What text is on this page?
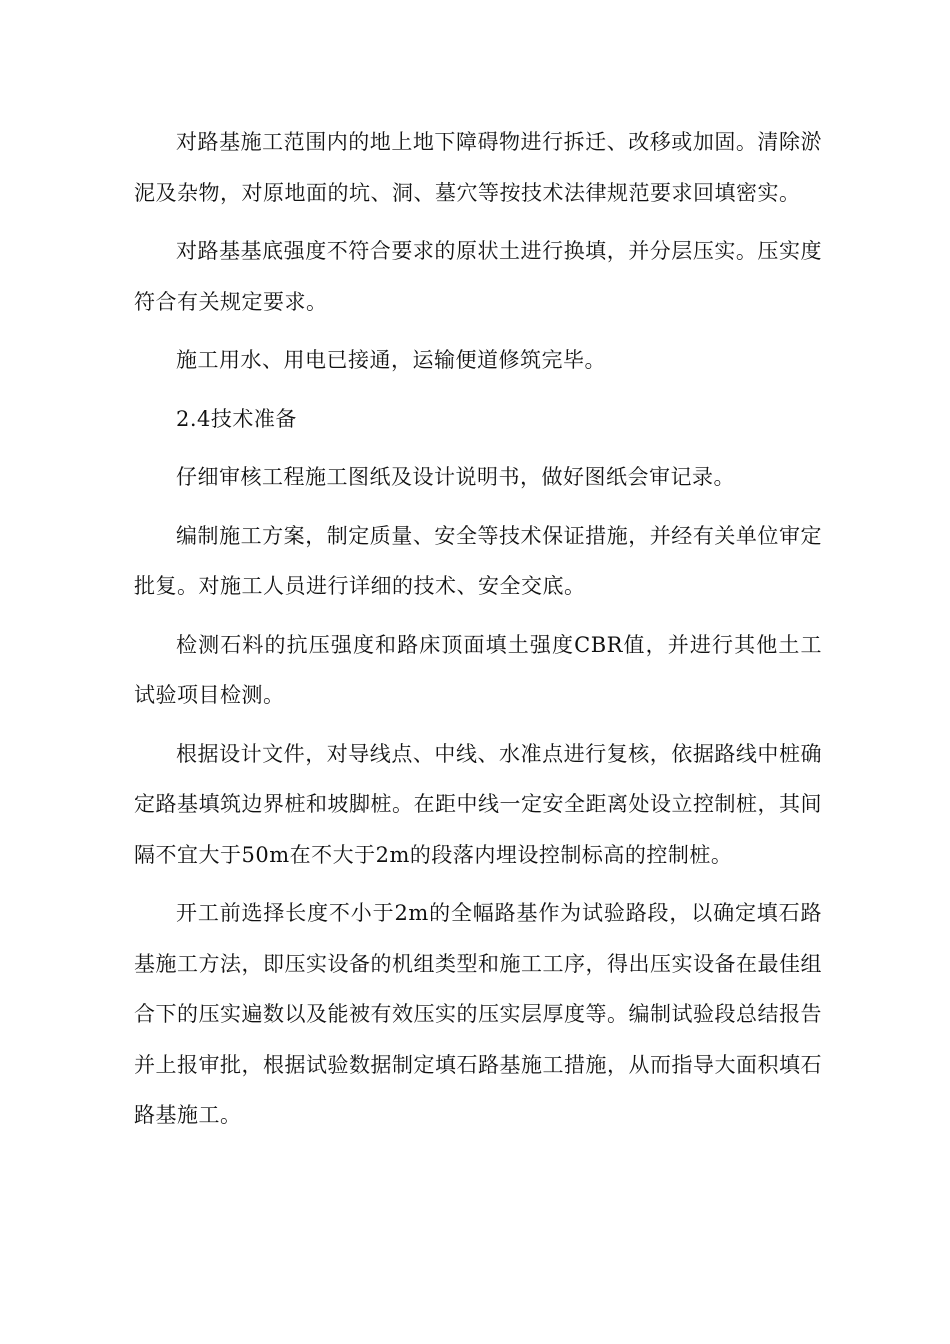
对路基施工范围内的地上地下障碍物进行拆迁、改移或加固。清除淤泥及杂物，对原地面的坑、洞、墓穴等按技术法律规范要求回填密实。

对路基基底强度不符合要求的原状土进行换填，并分层压实。压实度符合有关规定要求。

施工用水、用电已接通，运输便道修筑完毕。

2.4技术准备

仔细审核工程施工图纸及设计说明书，做好图纸会审记录。

编制施工方案，制定质量、安全等技术保证措施，并经有关单位审定批复。对施工人员进行详细的技术、安全交底。

检测石料的抗压强度和路床顶面填土强度CBR值，并进行其他土工试验项目检测。

根据设计文件，对导线点、中线、水准点进行复核，依据路线中桩确定路基填筑边界桩和坡脚桩。在距中线一定安全距离处设立控制桩，其间隔不宜大于50m在不大于2m的段落内埋设控制标高的控制桩。

开工前选择长度不小于2m的全幅路基作为试验路段，以确定填石路基施工方法，即压实设备的机组类型和施工工序，得出压实设备在最佳组合下的压实遍数以及能被有效压实的压实层厚度等。编制试验段总结报告并上报审批，根据试验数据制定填石路基施工措施，从而指导大面积填石路基施工。
